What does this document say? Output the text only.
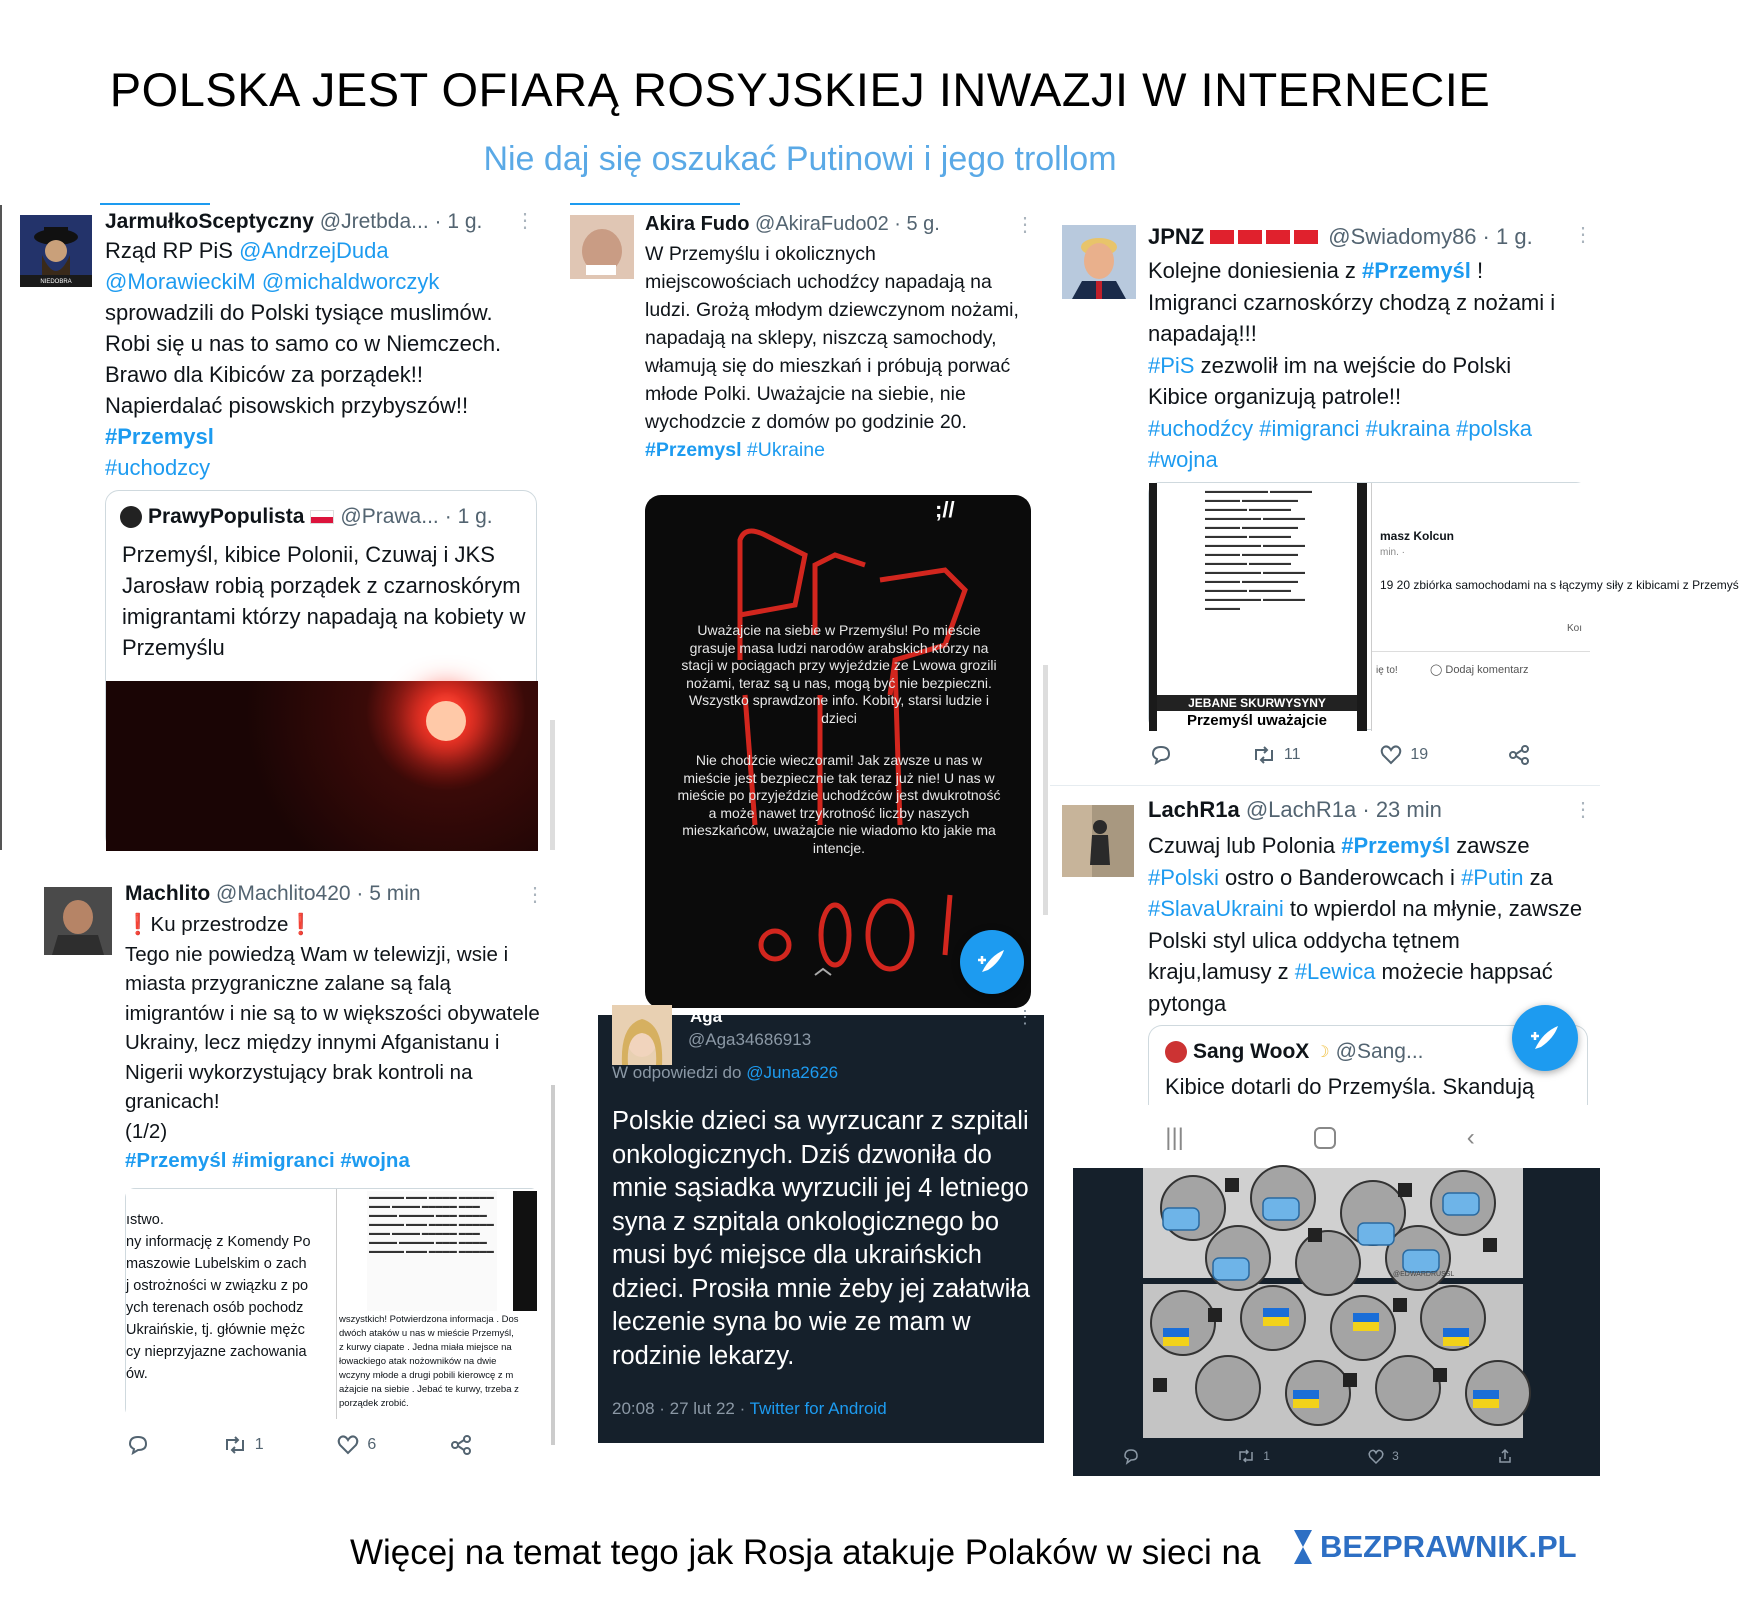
POLSKA JEST OFIARĄ ROSYJSKIEJ INWAZJI W INTERNECIE
Nie daj się oszukać Putinowi i jego trollom
NIEDOBRA
JarmułkoSceptyczny @Jretbda... · 1 g. ⋮
Rząd RP PiS @AndrzejDuda
@MorawieckiM @michaldworczyk
sprowadzili do Polski tysiące muslimów.
Robi się u nas to samo co w Niemczech.
Brawo dla Kibiców za porządek!!
Napierdalać pisowskich przybyszów!!
#Przemysl
#uchodzcy
PrawyPopulista @Prawa... · 1 g.
Przemyśl, kibice Polonii, Czuwaj i JKS Jarosław robią porządek z czarnoskórym imigrantami którzy napadają na kobiety w Przemyślu
Akira Fudo @AkiraFudo02 · 5 g.	⋮
W Przemyślu i okolicznych miejscowościach uchodźcy napadają na ludzi. Grożą młodym dziewczynom nożami, napadają na sklepy, niszczą samochody, włamują się do mieszkań i próbują porwać młode Polki. Uważajcie na siebie, nie wychodzcie z domów po godzinie 20.
#Przemysl #Ukraine
;//
Uważajcie na siebie w Przemyślu! Po mieście grasuje masa ludzi narodów arabskich którzy na stacji w pociągach przy wyjeździe ze Lwowa grozili nożami, teraz są u nas, mogą być nie bezpieczni. Wszystko sprawdzone info. Kobity, starsi ludzie i dzieci
Nie chodźcie wieczorami! Jak zawsze u nas w mieście jest bezpiecznie tak teraz już nie! U nas w mieście po przyjeździe uchodźców jest dwukrotność a może nawet trzykrotność liczby naszych mieszkańców, uważajcie nie wiadomo kto jakie ma intencje.
JPNZ	@Swiadomy86 · 1 g. ⋮
Kolejne doniesienia z #Przemyśl !
Imigranci czarnoskórzy chodzą z nożami i napadają!!!
#PiS zezwolił im na wejście do Polski
Kibice organizują patrole!!
#uchodźcy #imigranci #ukraina #polska #wojna
▬▬▬▬▬▬▬▬▬ ▬▬▬▬▬▬ ▬▬▬▬▬ ▬▬▬▬▬▬▬▬ ▬▬▬▬▬▬ ▬▬▬▬▬▬ ▬▬▬▬▬▬▬▬ ▬▬▬▬▬▬ ▬▬▬▬▬ ▬▬▬▬▬▬▬▬ ▬▬▬▬▬▬ ▬▬▬▬▬▬ ▬▬▬▬▬▬▬▬ ▬▬▬▬▬▬ ▬▬▬▬▬ ▬▬▬▬▬▬▬▬ ▬▬▬▬▬▬ ▬▬▬▬▬▬ ▬▬▬▬▬▬▬▬ ▬▬▬▬▬▬ ▬▬▬▬▬ ▬▬▬▬▬▬▬▬ ▬▬▬▬▬▬ ▬▬▬▬▬▬ ▬▬▬▬▬▬▬▬ ▬▬▬▬▬▬ ▬▬▬▬▬
JEBANE SKURWYSYNY
Przemyśl uważajcie
masz Kolcun
min. ·
19 20 zbiórka samochodami na s łączymy siły z kibicami z Przemyś
Koı
ię to!	◯ Dodaj komentarz
11	19
LachR1a @LachR1a · 23 min	⋮
Czuwaj lub Polonia #Przemyśl zawsze #Polski ostro o Banderowcach i #Putin za #SlavaUkraini to wpierdol na młynie, zawsze Polski styl ulica oddycha tętnem kraju,lamusy z #Lewica możecie happsać pytonga
Sang WooX ☽ @Sang...
Kibice dotarli do Przemyśla. Skandują
|||	‹
Machlito @Machlito420 · 5 min	⋮
❗Ku przestrodze❗
Tego nie powiedzą Wam w telewizji, wsie i miasta przygraniczne zalane są falą imigrantów i nie są to w większości obywatele Ukrainy, lecz między innymi Afganistanu i Nigerii wykorzystujący brak kontroli na granicach!
(1/2)
#Przemyśl #imigranci #wojna
ıstwo.
ny informację z Komendy Po
maszowie Lubelskim o zach
j ostrożności w związku z po
ych terenach osób pochodz
Ukraińskie, tj. głównie mężc
cy nieprzyjazne zachowania
ów.
▬▬▬▬▬ ▬▬▬ ▬▬▬▬ ▬▬▬▬▬ ▬▬▬ ▬▬▬▬ ▬▬▬▬▬ ▬▬▬ ▬▬▬▬ ▬▬▬▬▬ ▬▬▬ ▬▬▬▬ ▬▬▬▬▬ ▬▬▬ ▬▬▬▬ ▬▬▬▬▬ ▬▬▬ ▬▬▬▬ ▬▬▬▬▬ ▬▬▬ ▬▬▬▬ ▬▬▬▬▬ ▬▬▬ ▬▬▬▬ ▬▬▬▬▬ ▬▬▬ ▬▬▬▬ ▬▬▬▬▬
wszystkich! Potwierdzona informacja . Dos
dwóch ataków u nas w mieście Przemyśl,
z kurwy ciapate . Jedna miała miejsce na
łowackiego atak nożowników na dwie
wczyny młode a drugi pobili kierowcę z m
ażajcie na siebie . Jebać te kurwy, trzeba z
porządek zrobić.
1	6
Aga
@Aga34686913
⋮
W odpowiedzi do @Juna2626
Polskie dzieci sa wyrzucanr z szpitali onkologicznych. Dziś dzwoniła do mnie sąsiadka wyrzucili jej 4 letniego syna z szpitala onkologicznego bo musi być miejsce dla ukraińskich dzieci. Prosiła mnie żeby jej załatwiła leczenie syna bo wie ze mam w rodzinie lekarzy.
20:08 · 27 lut 22 · Twitter for Android
@EDWARDRUSSL
1	3
Więcej na temat tego jak Rosja atakuje Polaków w sieci na BEZPRAWNIK.PL
